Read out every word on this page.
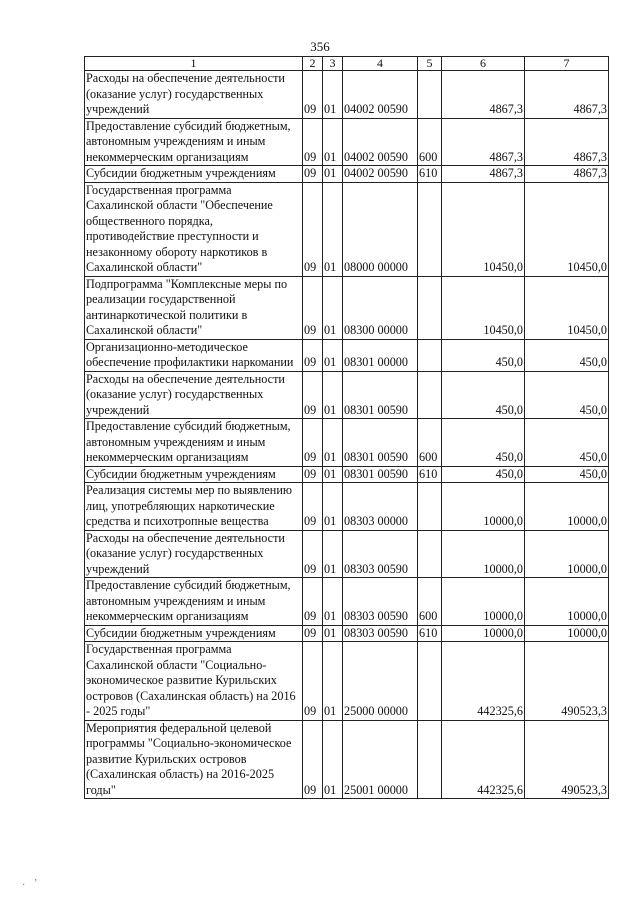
356
1	2	3	4	5	6	7
Расходы на обеспечение деятельности (оказание услуг) государственных учреждений	09	01	04002 00590		4867,3	4867,3
Предоставление субсидий бюджетным, автономным учреждениям и иным некоммерческим организациям	09	01	04002 00590	600	4867,3	4867,3
Субсидии бюджетным учреждениям	09	01	04002 00590	610	4867,3	4867,3
Государственная программа Сахалинской области "Обеспечение общественного порядка, противодействие преступности и незаконному обороту наркотиков в Сахалинской области"	09	01	08000 00000		10450,0	10450,0
Подпрограмма "Комплексные меры по реализации государственной антинаркотической политики в Сахалинской области"	09	01	08300 00000		10450,0	10450,0
Организационно-методическое обеспечение профилактики наркомании	09	01	08301 00000		450,0	450,0
Расходы на обеспечение деятельности (оказание услуг) государственных учреждений	09	01	08301 00590		450,0	450,0
Предоставление субсидий бюджетным, автономным учреждениям и иным некоммерческим организациям	09	01	08301 00590	600	450,0	450,0
Субсидии бюджетным учреждениям	09	01	08301 00590	610	450,0	450,0
Реализация системы мер по выявлению лиц, употребляющих наркотические средства и психотропные вещества	09	01	08303 00000		10000,0	10000,0
Расходы на обеспечение деятельности (оказание услуг) государственных учреждений	09	01	08303 00590		10000,0	10000,0
Предоставление субсидий бюджетным, автономным учреждениям и иным некоммерческим организациям	09	01	08303 00590	600	10000,0	10000,0
Субсидии бюджетным учреждениям	09	01	08303 00590	610	10000,0	10000,0
Государственная программа Сахалинской области "Социально-экономическое развитие Курильских островов (Сахалинская область) на 2016 - 2025 годы"	09	01	25000 00000		442325,6	490523,3
Мероприятия федеральной целевой программы "Социально-экономическое развитие Курильских островов (Сахалинская область) на 2016-2025 годы"	09	01	25001 00000		442325,6	490523,3
·
‚
